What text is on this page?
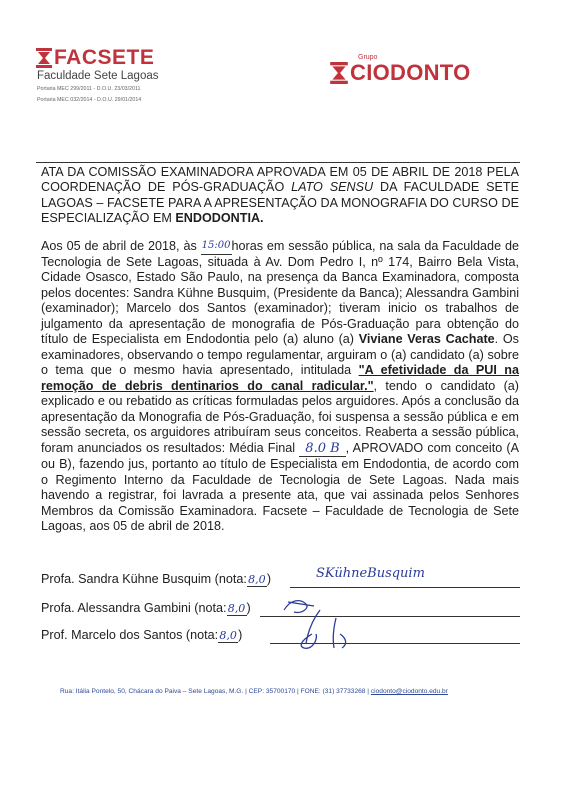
FACSETE
Faculdade Sete Lagoas
Portaria MEC 299/2011 - D.O.U. 23/03/2011
Portaria MEC 032/2014 - D.O.U. 29/01/2014
Grupo
CIODONTO
ATA DA COMISSÃO EXAMINADORA APROVADA EM 05 DE ABRIL DE 2018 PELA COORDENAÇÃO DE PÓS-GRADUAÇÃO LATO SENSU DA FACULDADE SETE LAGOAS – FACSETE PARA A APRESENTAÇÃO DA MONOGRAFIA DO CURSO DE ESPECIALIZAÇÃO EM ENDODONTIA.

Aos 05 de abril de 2018, às 15:00horas em sessão pública, na sala da Faculdade de Tecnologia de Sete Lagoas, situada à Av. Dom Pedro I, nº 174, Bairro Bela Vista, Cidade Osasco, Estado São Paulo, na presença da Banca Examinadora, composta pelos docentes: Sandra Kühne Busquim, (Presidente da Banca); Alessandra Gambini (examinador); Marcelo dos Santos (examinador); tiveram inicio os trabalhos de julgamento da apresentação de monografia de Pós-Graduação para obtenção do título de Especialista em Endodontia pelo (a) aluno (a) Viviane Veras Cachate. Os examinadores, observando o tempo regulamentar, arguiram o (a) candidato (a) sobre o tema que o mesmo havia apresentado, intitulada "A efetividade da PUI na remoção de debris dentinarios do canal radicular.", tendo o candidato (a) explicado e ou rebatido as críticas formuladas pelos arguidores. Após a conclusão da apresentação da Monografia de Pós-Graduação, foi suspensa a sessão pública e em sessão secreta, os arguidores atribuíram seus conceitos. Reaberta a sessão pública, foram anunciados os resultados: Média Final 8.0 B , APROVADO com conceito (A ou B), fazendo jus, portanto ao título de Especialista em Endodontia, de acordo com o Regimento Interno da Faculdade de Tecnologia de Sete Lagoas. Nada mais havendo a registrar, foi lavrada a presente ata, que vai assinada pelos Senhores Membros da Comissão Examinadora. Facsete – Faculdade de Tecnologia de Sete Lagoas, aos 05 de abril de 2018.

Profa. Sandra Kühne Busquim (nota:8,0)	SKühneBusquim
Profa. Alessandra Gambini (nota:8,0)
Prof. Marcelo dos Santos (nota:8,0)
Rua: Itália Pontelo, 50, Chácara do Paiva – Sete Lagoas, M.G. | CEP: 35700170 | FONE: (31) 37733268 | ciodonto@ciodonto.edu.br
